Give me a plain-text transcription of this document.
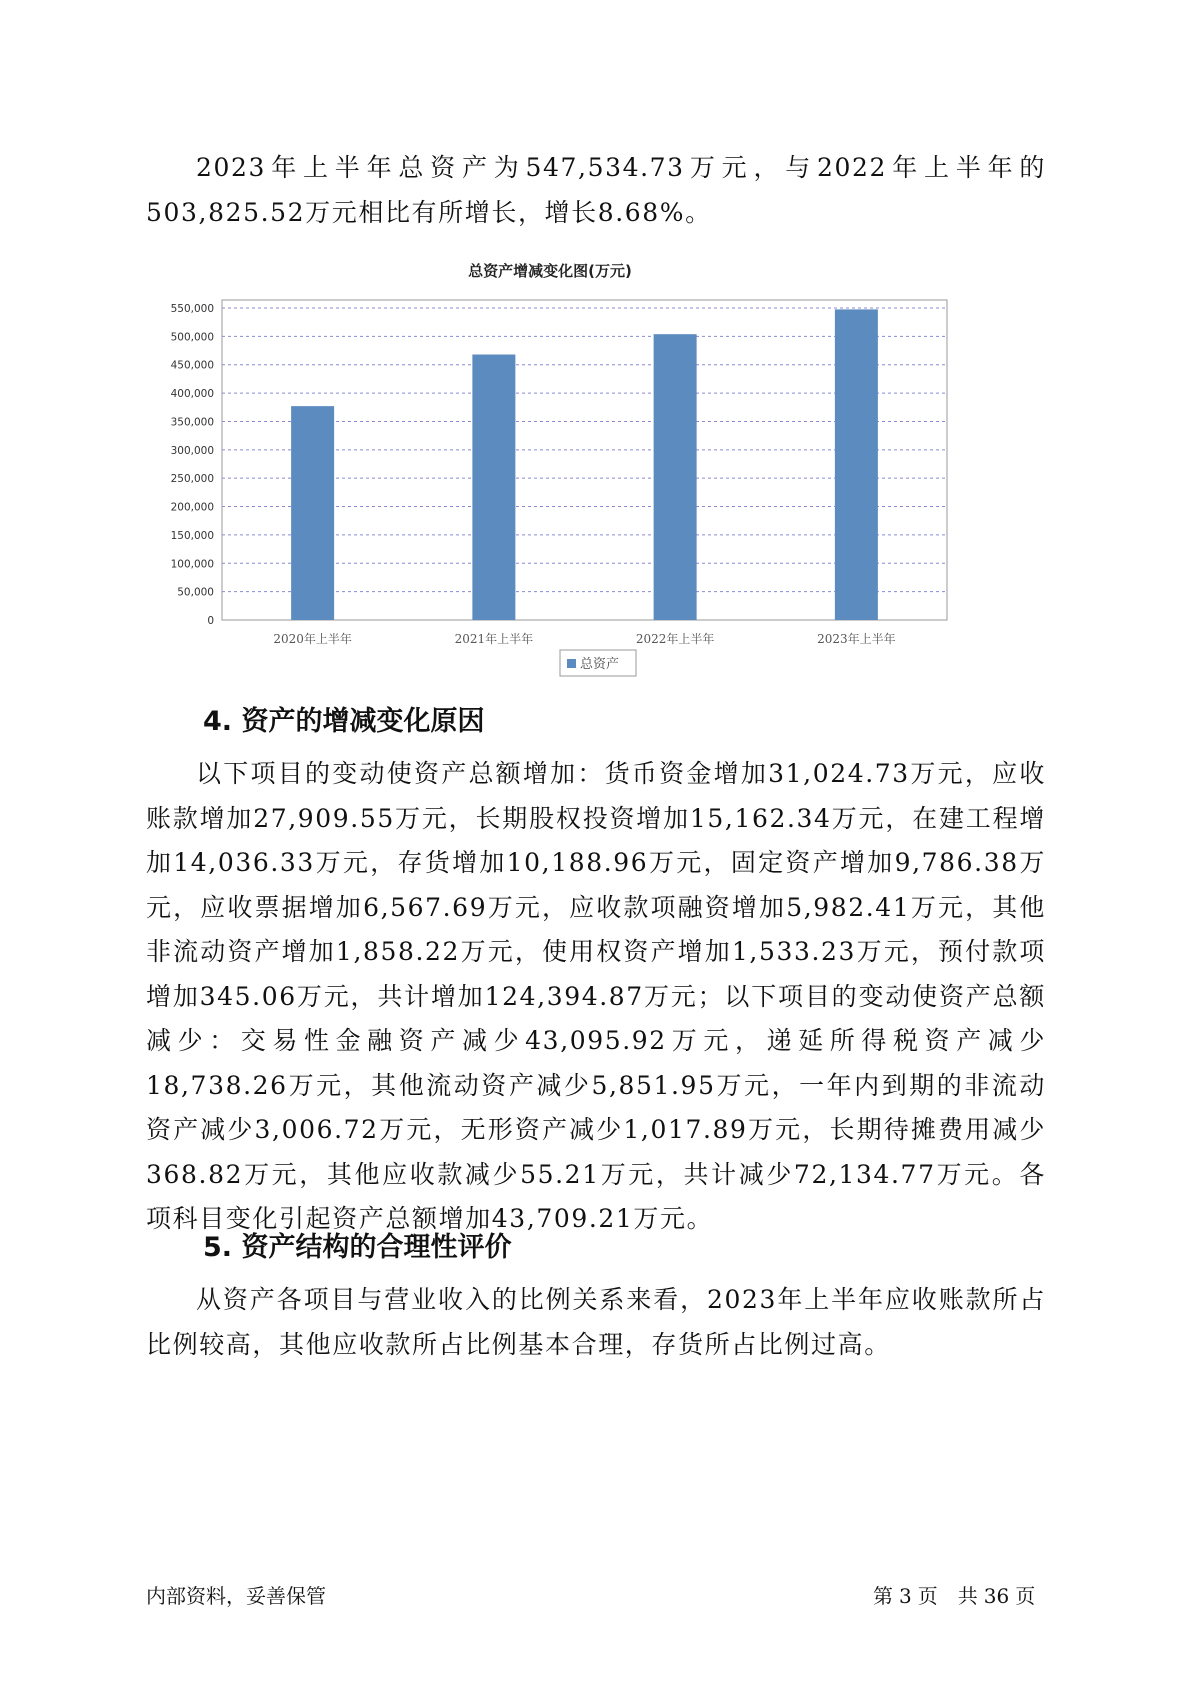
2023年上半年总资产为547,534.73万元，与2022年上半年的503,825.52万元相比有所增长，增长8.68%。

总资产增减变化图(万元)
0
50,000
100,000
150,000
200,000
250,000
300,000
350,000
400,000
450,000
500,000
550,000
2020年上半年	2021年上半年	2022年上半年	2023年上半年
总资产
4. 资产的增减变化原因

以下项目的变动使资产总额增加：货币资金增加31,024.73万元，应收账款增加27,909.55万元，长期股权投资增加15,162.34万元，在建工程增加14,036.33万元，存货增加10,188.96万元，固定资产增加9,786.38万元，应收票据增加6,567.69万元，应收款项融资增加5,982.41万元，其他非流动资产增加1,858.22万元，使用权资产增加1,533.23万元，预付款项增加345.06万元，共计增加124,394.87万元；以下项目的变动使资产总额减少：交易性金融资产减少43,095.92万元，递延所得税资产减少18,738.26万元，其他流动资产减少5,851.95万元，一年内到期的非流动资产减少3,006.72万元，无形资产减少1,017.89万元，长期待摊费用减少368.82万元，其他应收款减少55.21万元，共计减少72,134.77万元。各项科目变化引起资产总额增加43,709.21万元。

5. 资产结构的合理性评价

从资产各项目与营业收入的比例关系来看，2023年上半年应收账款所占比例较高，其他应收款所占比例基本合理，存货所占比例过高。

内部资料，妥善保管	第 3 页　共 36 页
